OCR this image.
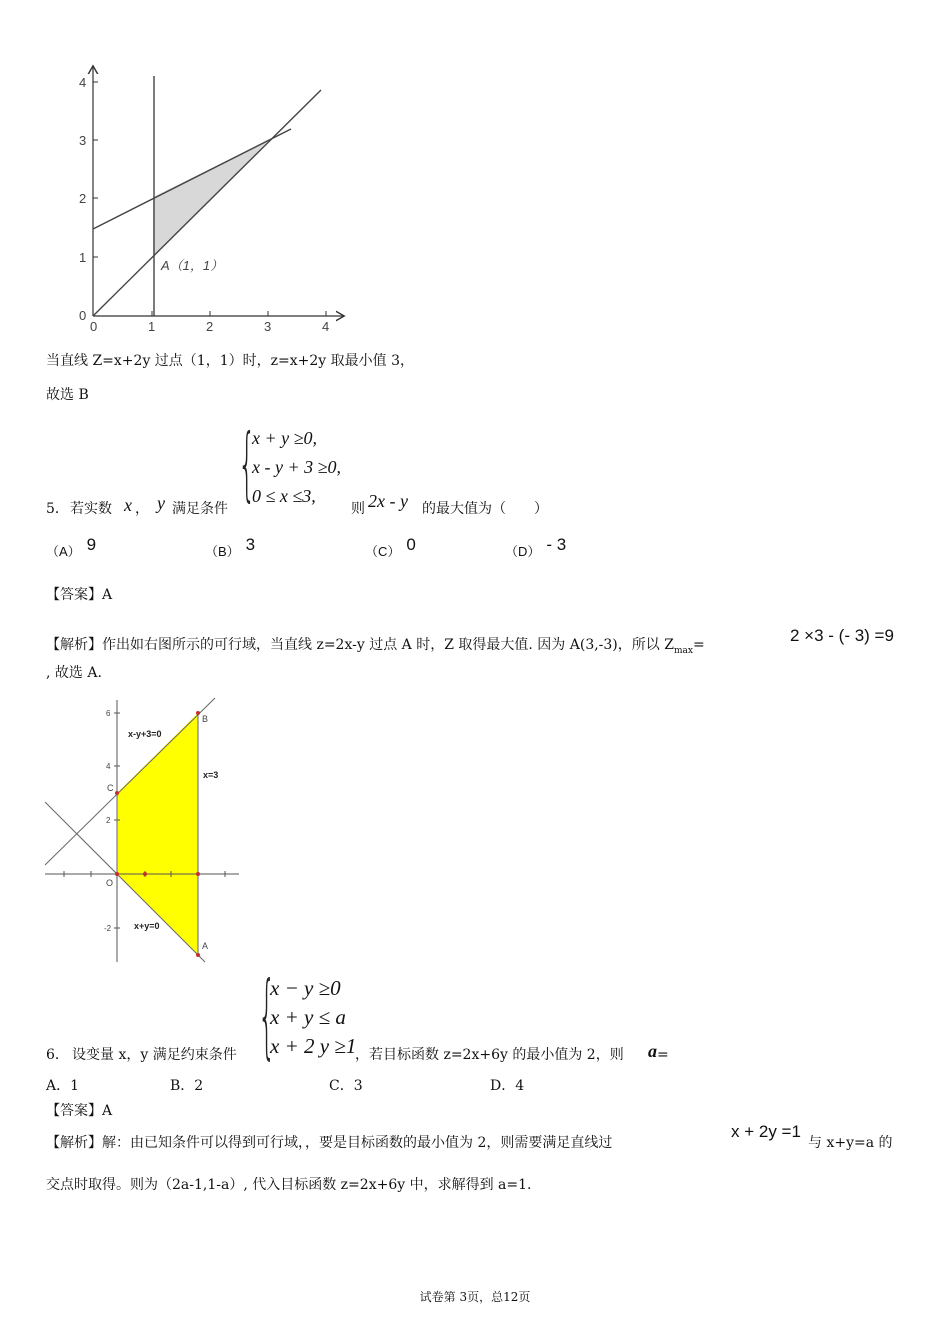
4
3
2
1
0
0	1	2	3	4
A（1，1）
当直线 Z=x+2y 过点（1，1）时，z=x+2y 取最小值 3，
故选 B
{
x + y ≥0,
x - y + 3 ≥0,
0 ≤ x ≤3,
5． 若实数 x ， y 满足条件	则 2x - y 的最大值为（　　）
（A） 9	（B） 3	（C） 0	（D） - 3
【答案】A
【解析】作出如右图所示的可行域，当直线 z=2x-y 过点 A 时，Z 取得最大值. 因为 A(3,-3)，所以 $Z_{max}=$	2 ×3 - (- 3) =9
, 故选 A.
6
4
2
-2
x-y+3=0
x=3
x+y=0
B
C
O
A
{
x − y ≥0
x + y ≤ a
x + 2 y ≥1
6． 设变量 x，y 满足约束条件	，若目标函数 z=2x+6y 的最小值为 2，则 a =
A．1	B．2	C．3	D．4
【答案】A
【解析】解：由已知条件可以得到可行域，，要是目标函数的最小值为 2，则需要满足直线过
x + 2y =1
与 x+y=a 的
交点时取得。则为（2a-1,1-a）, 代入目标函数 z=2x+6y 中，求解得到 a=1.
试卷第 3页，总12页
